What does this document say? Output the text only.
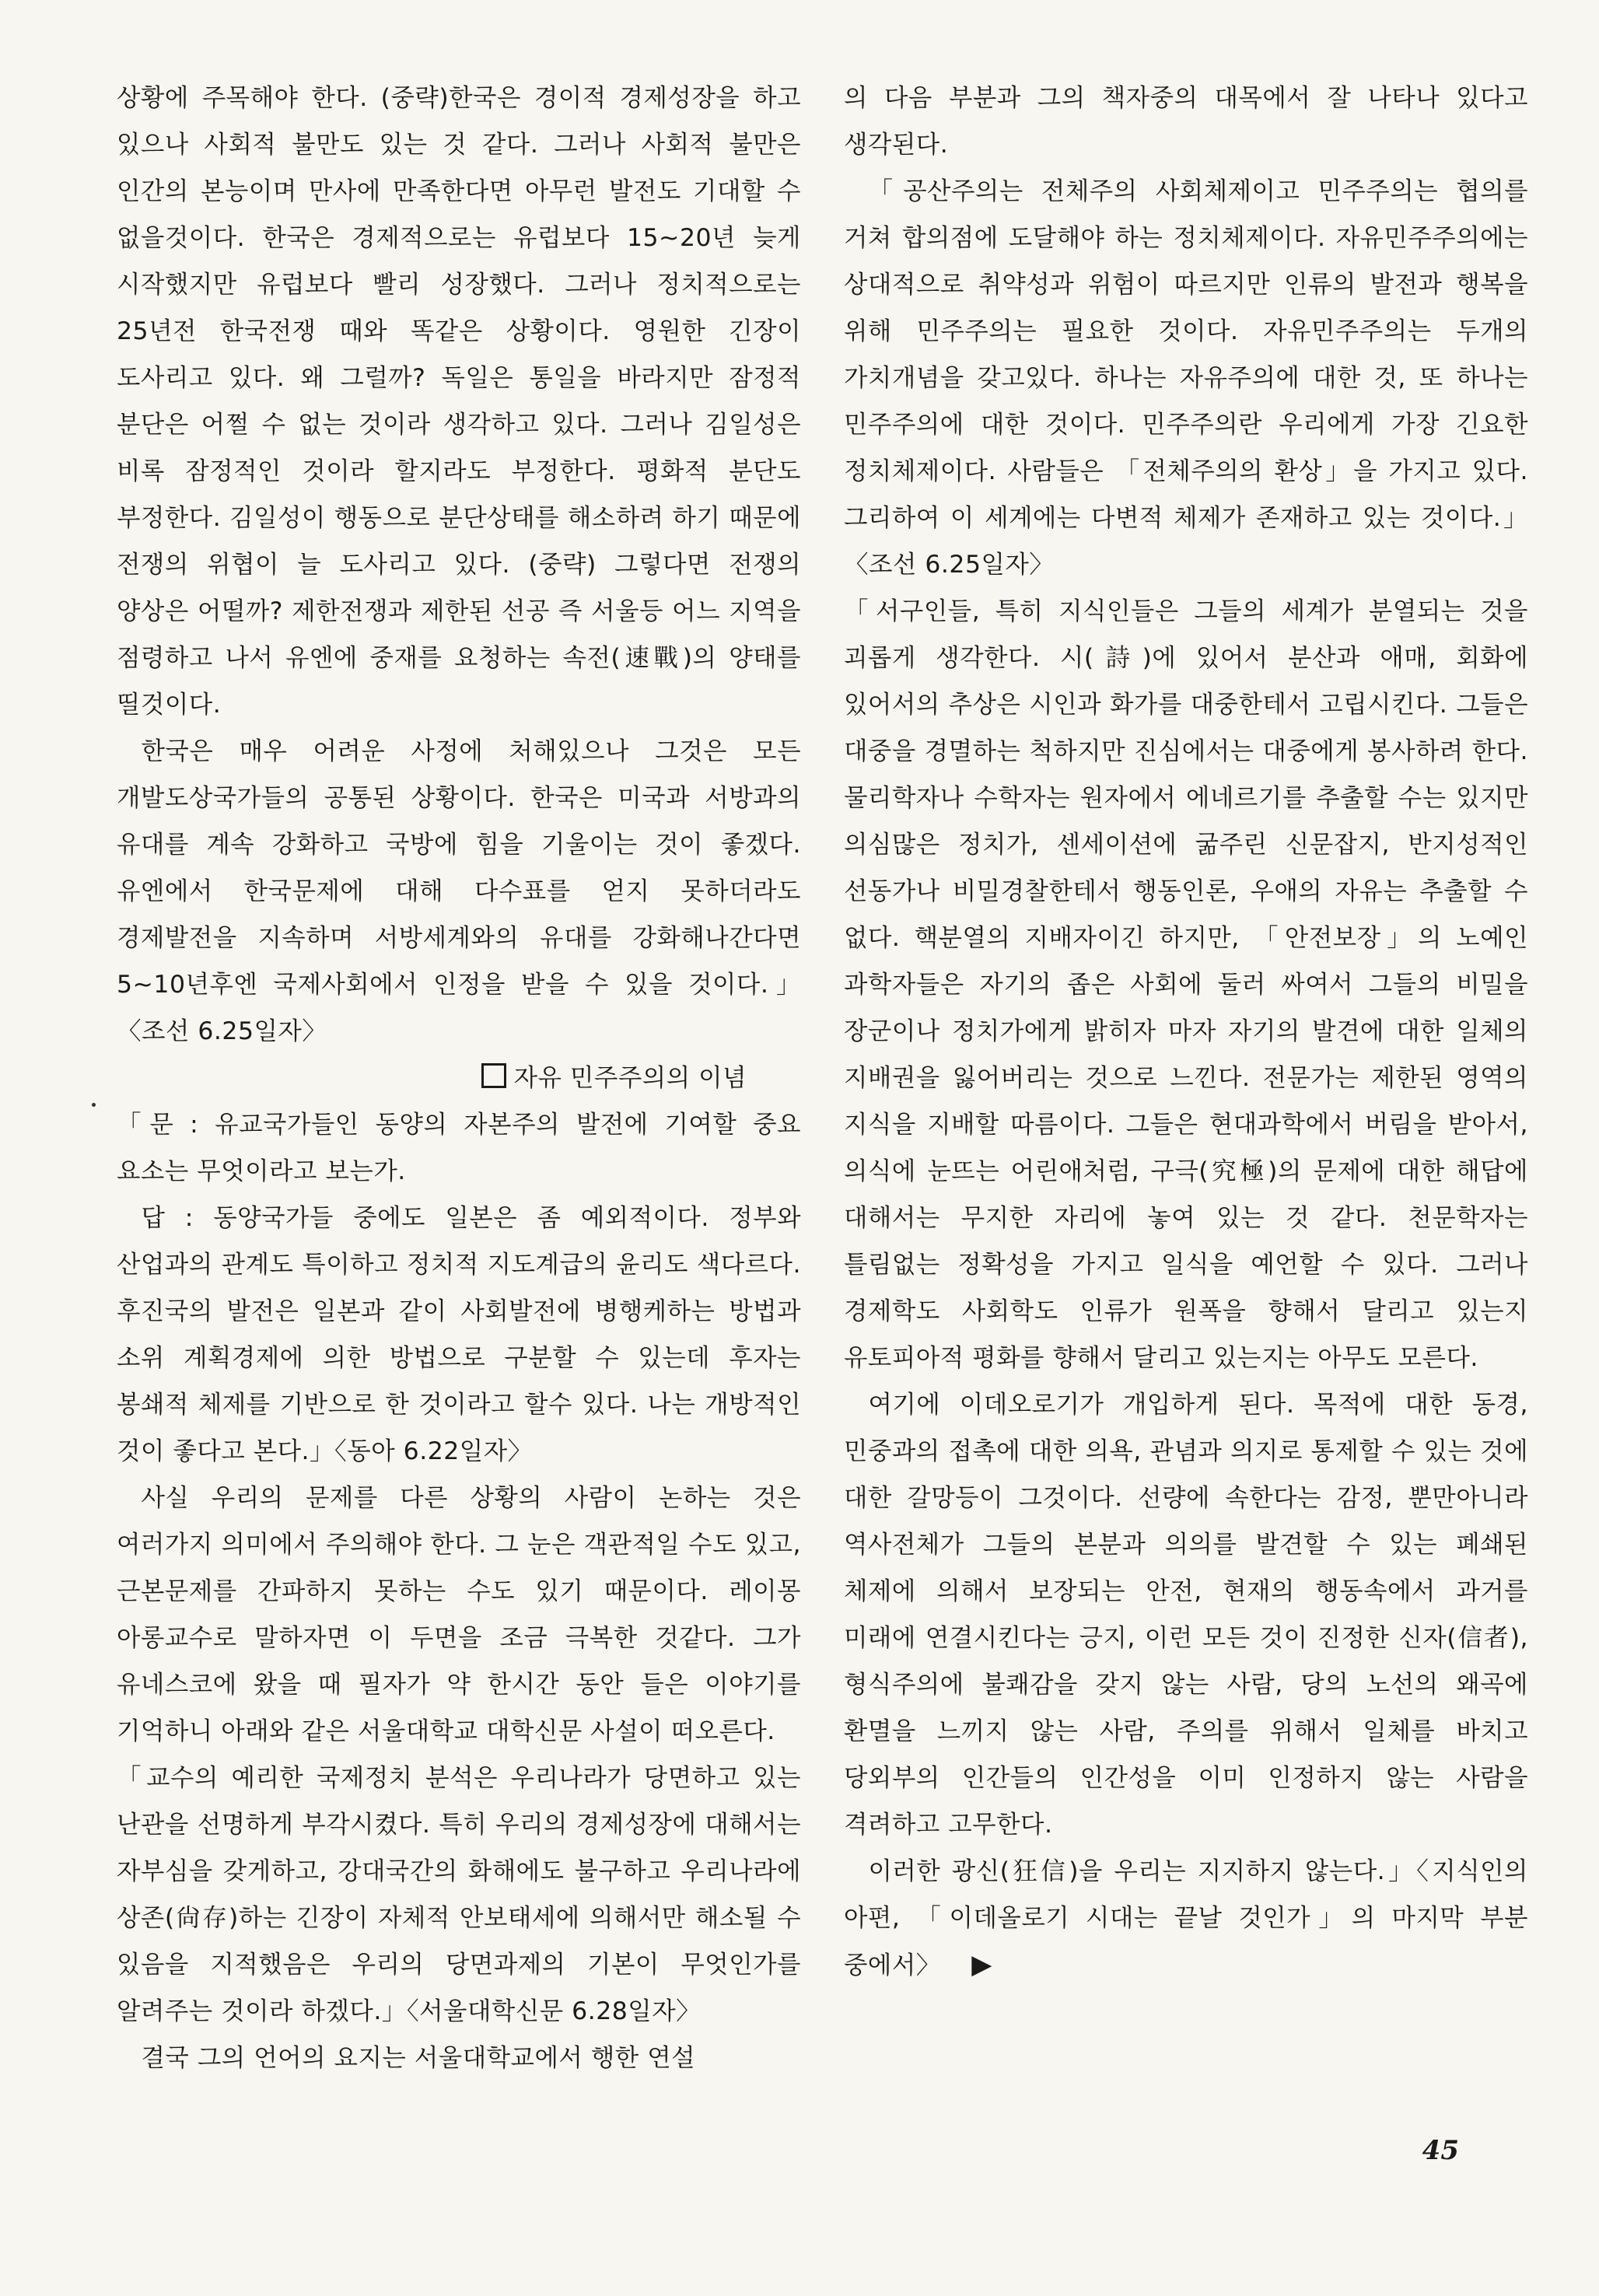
상황에 주목해야 한다. (중략)한국은 경이적 경제성장을 하고 있으나 사회적 불만도 있는 것 같다. 그러나 사회적 불만은 인간의 본능이며 만사에 만족한다면 아무런 발전도 기대할 수 없을것이다. 한국은 경제적으로는 유럽보다 15~20년 늦게 시작했지만 유럽보다 빨리 성장했다. 그러나 정치적으로는 25년전 한국전쟁 때와 똑같은 상황이다. 영원한 긴장이 도사리고 있다. 왜 그럴까? 독일은 통일을 바라지만 잠정적 분단은 어쩔 수 없는 것이라 생각하고 있다. 그러나 김일성은 비록 잠정적인 것이라 할지라도 부정한다. 평화적 분단도 부정한다. 김일성이 행동으로 분단상태를 해소하려 하기 때문에 전쟁의 위협이 늘 도사리고 있다. (중략) 그렇다면 전쟁의 양상은 어떨까? 제한전쟁과 제한된 선공 즉 서울등 어느 지역을 점령하고 나서 유엔에 중재를 요청하는 속전(速戰)의 양태를 띨것이다.

한국은 매우 어려운 사정에 처해있으나 그것은 모든 개발도상국가들의 공통된 상황이다. 한국은 미국과 서방과의 유대를 계속 강화하고 국방에 힘을 기울이는 것이 좋겠다. 유엔에서 한국문제에 대해 다수표를 얻지 못하더라도 경제발전을 지속하며 서방세계와의 유대를 강화해나간다면 5~10년후엔 국제사회에서 인정을 받을 수 있을 것이다.」〈조선 6.25일자〉

자유 민주주의의 이념

「문 : 유교국가들인 동양의 자본주의 발전에 기여할 중요 요소는 무엇이라고 보는가.

답 : 동양국가들 중에도 일본은 좀 예외적이다. 정부와 산업과의 관계도 특이하고 정치적 지도계급의 윤리도 색다르다. 후진국의 발전은 일본과 같이 사회발전에 병행케하는 방법과 소위 계획경제에 의한 방법으로 구분할 수 있는데 후자는 봉쇄적 체제를 기반으로 한 것이라고 할수 있다. 나는 개방적인 것이 좋다고 본다.」〈동아 6.22일자〉

사실 우리의 문제를 다른 상황의 사람이 논하는 것은 여러가지 의미에서 주의해야 한다. 그 눈은 객관적일 수도 있고, 근본문제를 간파하지 못하는 수도 있기 때문이다. 레이몽 아롱교수로 말하자면 이 두면을 조금 극복한 것같다. 그가 유네스코에 왔을 때 필자가 약 한시간 동안 들은 이야기를 기억하니 아래와 같은 서울대학교 대학신문 사설이 떠오른다.

「교수의 예리한 국제정치 분석은 우리나라가 당면하고 있는 난관을 선명하게 부각시켰다. 특히 우리의 경제성장에 대해서는 자부심을 갖게하고, 강대국간의 화해에도 불구하고 우리나라에 상존(尙存)하는 긴장이 자체적 안보태세에 의해서만 해소될 수 있음을 지적했음은 우리의 당면과제의 기본이 무엇인가를 알려주는 것이라 하겠다.」〈서울대학신문 6.28일자〉

결국 그의 언어의 요지는 서울대학교에서 행한 연설

의 다음 부분과 그의 책자중의 대목에서 잘 나타나 있다고 생각된다.

「공산주의는 전체주의 사회체제이고 민주주의는 협의를 거쳐 합의점에 도달해야 하는 정치체제이다. 자유민주주의에는 상대적으로 취약성과 위험이 따르지만 인류의 발전과 행복을 위해 민주주의는 필요한 것이다. 자유민주주의는 두개의 가치개념을 갖고있다. 하나는 자유주의에 대한 것, 또 하나는 민주주의에 대한 것이다. 민주주의란 우리에게 가장 긴요한 정치체제이다. 사람들은 「전체주의의 환상」을 가지고 있다. 그리하여 이 세계에는 다변적 체제가 존재하고 있는 것이다.」〈조선 6.25일자〉

「서구인들, 특히 지식인들은 그들의 세계가 분열되는 것을 괴롭게 생각한다. 시(詩)에 있어서 분산과 애매, 회화에 있어서의 추상은 시인과 화가를 대중한테서 고립시킨다. 그들은 대중을 경멸하는 척하지만 진심에서는 대중에게 봉사하려 한다. 물리학자나 수학자는 원자에서 에네르기를 추출할 수는 있지만 의심많은 정치가, 센세이션에 굶주린 신문잡지, 반지성적인 선동가나 비밀경찰한테서 행동인론, 우애의 자유는 추출할 수 없다. 핵분열의 지배자이긴 하지만, 「안전보장」의 노예인 과학자들은 자기의 좁은 사회에 둘러 싸여서 그들의 비밀을 장군이나 정치가에게 밝히자 마자 자기의 발견에 대한 일체의 지배권을 잃어버리는 것으로 느낀다. 전문가는 제한된 영역의 지식을 지배할 따름이다. 그들은 현대과학에서 버림을 받아서, 의식에 눈뜨는 어린애처럼, 구극(究極)의 문제에 대한 해답에 대해서는 무지한 자리에 놓여 있는 것 같다. 천문학자는 틀림없는 정확성을 가지고 일식을 예언할 수 있다. 그러나 경제학도 사회학도 인류가 원폭을 향해서 달리고 있는지 유토피아적 평화를 향해서 달리고 있는지는 아무도 모른다.

여기에 이데오로기가 개입하게 된다. 목적에 대한 동경, 민중과의 접촉에 대한 의욕, 관념과 의지로 통제할 수 있는 것에 대한 갈망등이 그것이다. 선량에 속한다는 감정, 뿐만아니라 역사전체가 그들의 본분과 의의를 발견할 수 있는 폐쇄된 체제에 의해서 보장되는 안전, 현재의 행동속에서 과거를 미래에 연결시킨다는 긍지, 이런 모든 것이 진정한 신자(信者), 형식주의에 불쾌감을 갖지 않는 사람, 당의 노선의 왜곡에 환멸을 느끼지 않는 사람, 주의를 위해서 일체를 바치고 당외부의 인간들의 인간성을 이미 인정하지 않는 사람을 격려하고 고무한다.

이러한 광신(狂信)을 우리는 지지하지 않는다.」〈지식인의 아편, 「이데올로기 시대는 끝날 것인가」의 마지막 부분 중에서〉 ▶

45
